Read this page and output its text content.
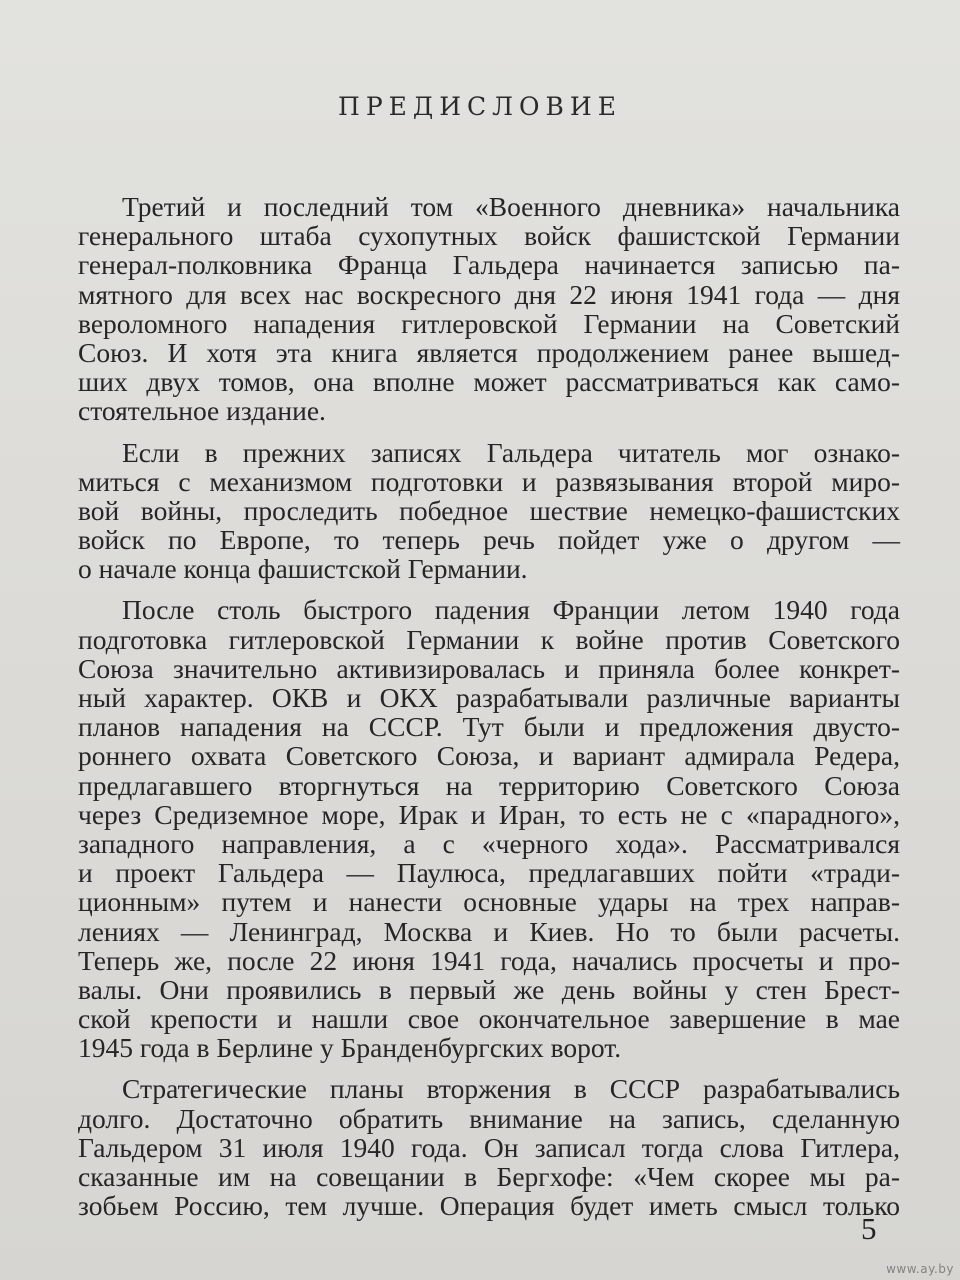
ПРЕДИСЛОВИЕ
Третий и последний том «Военного дневника» начальника
генерального штаба сухопутных войск фашистской Германии
генерал-полковника Франца Гальдера начинается записью па-
мятного для всех нас воскресного дня 22 июня 1941 года — дня
вероломного нападения гитлеровской Германии на Советский
Союз. И хотя эта книга является продолжением ранее вышед-
ших двух томов, она вполне может рассматриваться как само-
стоятельное издание.
Если в прежних записях Гальдера читатель мог ознако-
миться с механизмом подготовки и развязывания второй миро-
вой войны, проследить победное шествие немецко-фашистских
войск по Европе, то теперь речь пойдет уже о другом —
о начале конца фашистской Германии.
После столь быстрого падения Франции летом 1940 года
подготовка гитлеровской Германии к войне против Советского
Союза значительно активизировалась и приняла более конкрет-
ный характер. ОКВ и ОКХ разрабатывали различные варианты
планов нападения на СССР. Тут были и предложения двусто-
роннего охвата Советского Союза, и вариант адмирала Редера,
предлагавшего вторгнуться на территорию Советского Союза
через Средиземное море, Ирак и Иран, то есть не с «парадного»,
западного направления, а с «черного хода». Рассматривался
и проект Гальдера — Паулюса, предлагавших пойти «тради-
ционным» путем и нанести основные удары на трех направ-
лениях — Ленинград, Москва и Киев. Но то были расчеты.
Теперь же, после 22 июня 1941 года, начались просчеты и про-
валы. Они проявились в первый же день войны у стен Брест-
ской крепости и нашли свое окончательное завершение в мае
1945 года в Берлине у Бранденбургских ворот.
Стратегические планы вторжения в СССР разрабатывались
долго. Достаточно обратить внимание на запись, сделанную
Гальдером 31 июля 1940 года. Он записал тогда слова Гитлера,
сказанные им на совещании в Бергхофе: «Чем скорее мы ра-
зобьем Россию, тем лучше. Операция будет иметь смысл только
5
www.ay.by
